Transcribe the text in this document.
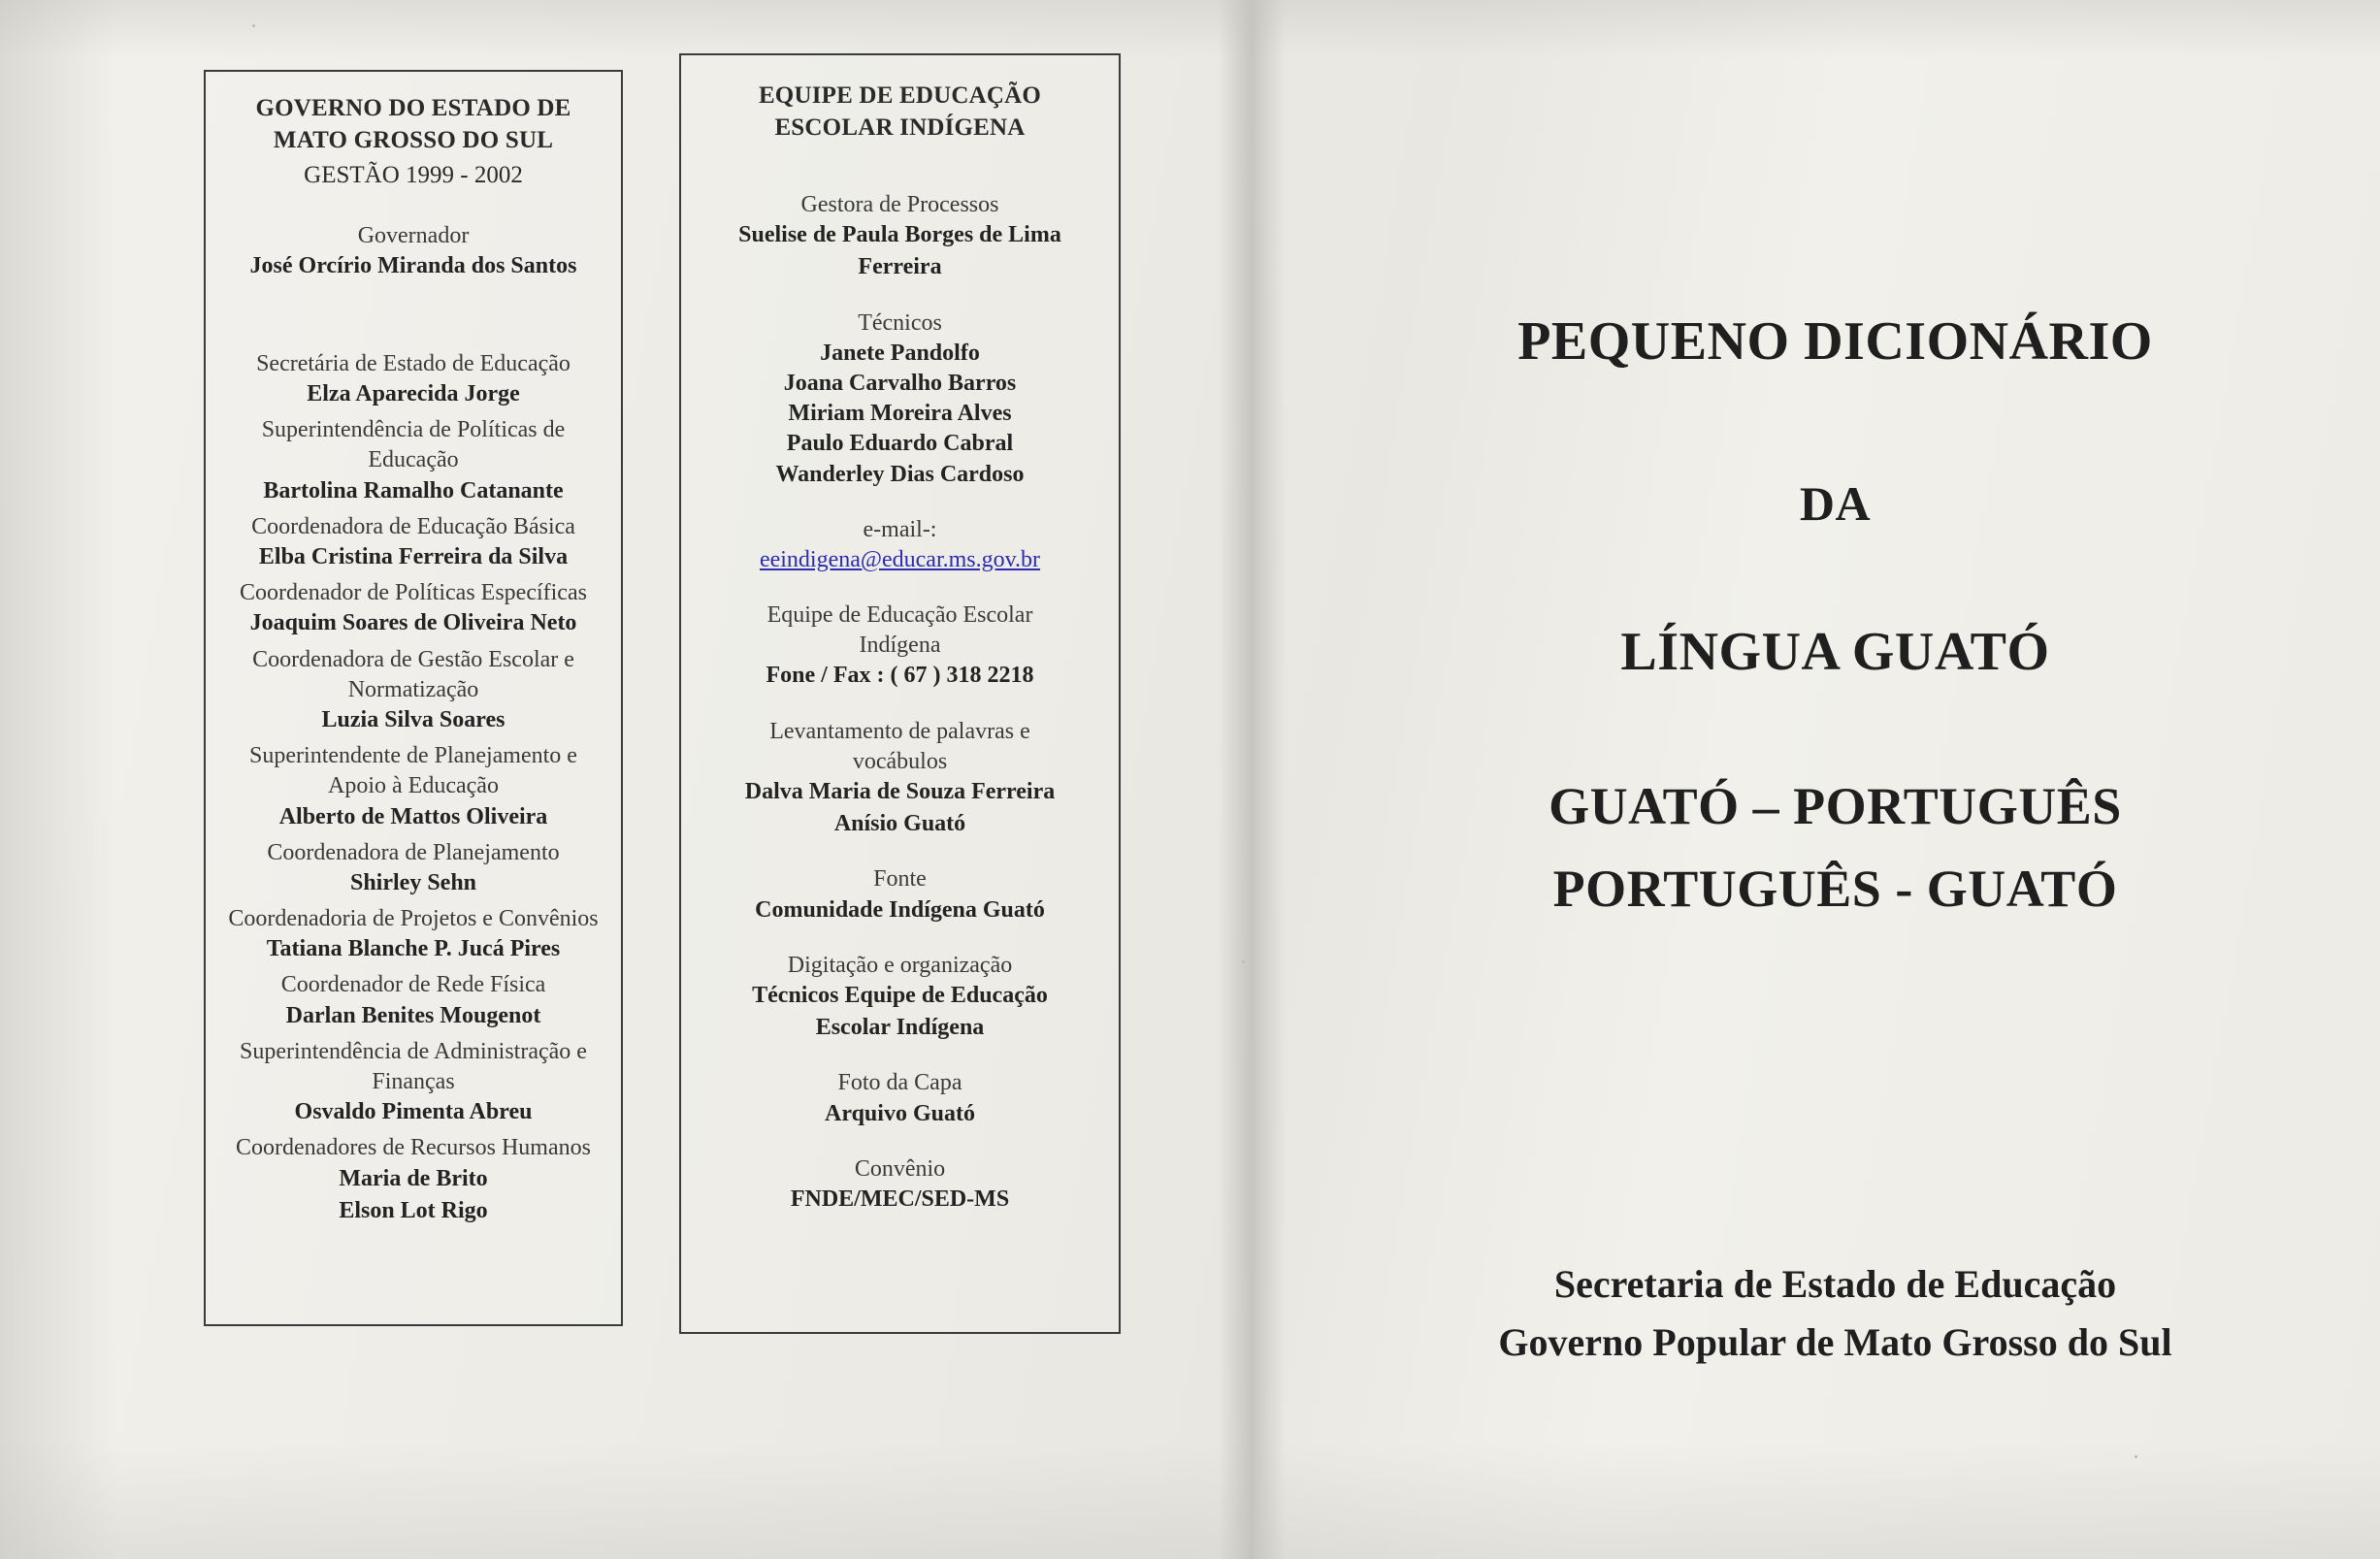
GOVERNO DO ESTADO DE
MATO GROSSO DO SUL
GESTÃO 1999 - 2002

Governador

José Orcírio Miranda dos Santos

Secretária de Estado de Educação

Elza Aparecida Jorge

Superintendência de Políticas de Educação

Bartolina Ramalho Catanante

Coordenadora de Educação Básica

Elba Cristina Ferreira da Silva

Coordenador de Políticas Específicas

Joaquim Soares de Oliveira Neto

Coordenadora de Gestão Escolar e Normatização

Luzia Silva Soares

Superintendente de Planejamento e Apoio à Educação

Alberto de Mattos Oliveira

Coordenadora de Planejamento

Shirley Sehn

Coordenadoria de Projetos e Convênios

Tatiana Blanche P. Jucá Pires

Coordenador de Rede Física

Darlan Benites Mougenot

Superintendência de Administração e Finanças

Osvaldo Pimenta Abreu

Coordenadores de Recursos Humanos

Maria de Brito

Elson Lot Rigo

EQUIPE DE EDUCAÇÃO
ESCOLAR INDÍGENA

Gestora de Processos

Suelise de Paula Borges de Lima

Ferreira

Técnicos

Janete Pandolfo

Joana Carvalho Barros

Miriam Moreira Alves

Paulo Eduardo Cabral

Wanderley Dias Cardoso

e-mail-:

eeindigena@educar.ms.gov.br

Equipe de Educação Escolar

Indígena

Fone / Fax : ( 67 ) 318 2218

Levantamento de palavras e

vocábulos

Dalva Maria de Souza Ferreira

Anísio Guató

Fonte

Comunidade Indígena Guató

Digitação e organização

Técnicos Equipe de Educação

Escolar Indígena

Foto da Capa

Arquivo Guató

Convênio

FNDE/MEC/SED-MS

PEQUENO DICIONÁRIO
DA
LÍNGUA GUATÓ
GUATÓ – PORTUGUÊS
PORTUGUÊS - GUATÓ
Secretaria de Estado de Educação
Governo Popular de Mato Grosso do Sul
